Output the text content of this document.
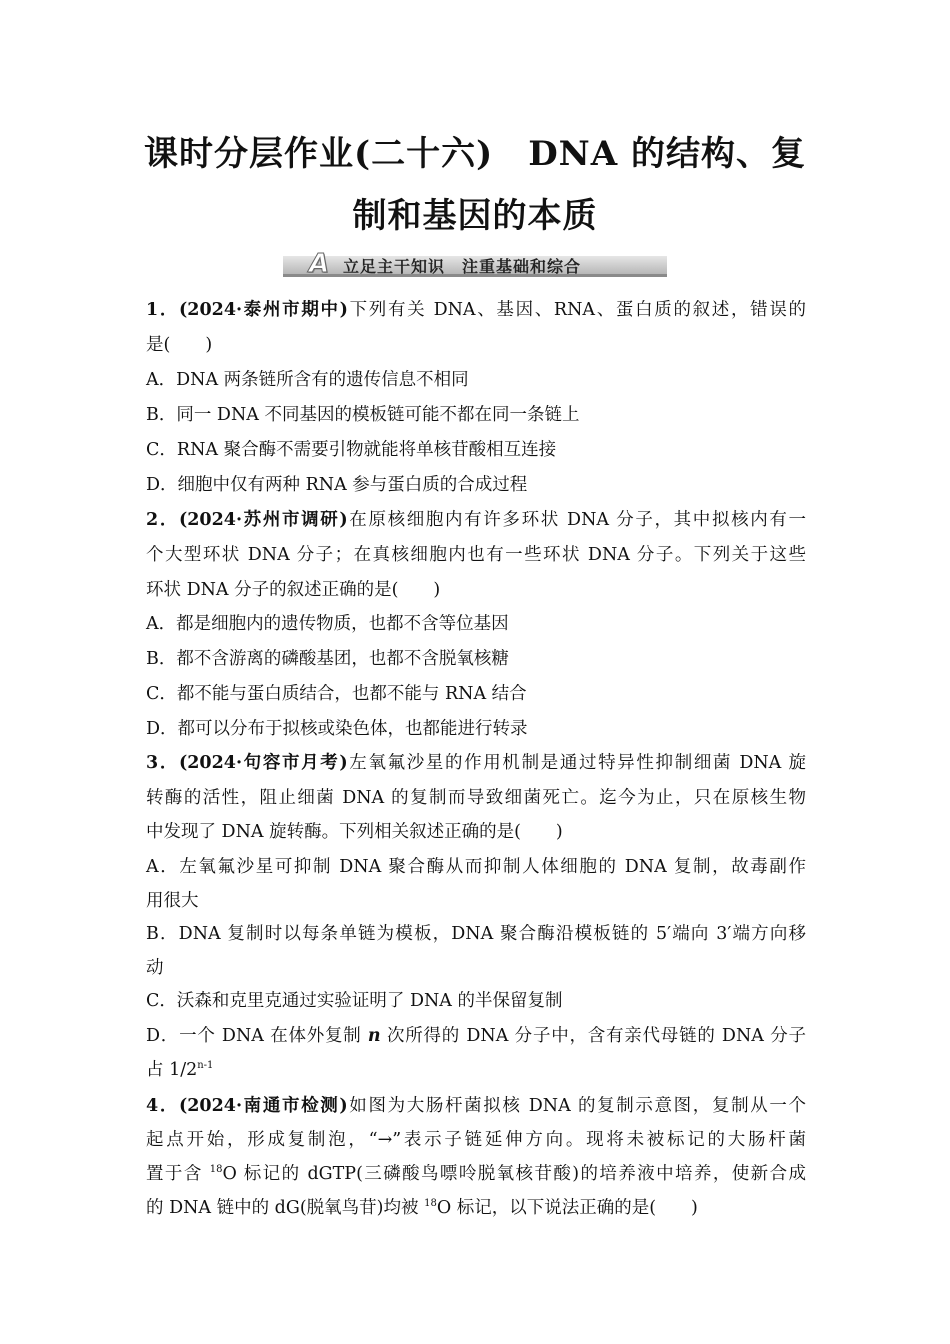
课时分层作业(二十六)　DNA 的结构、复
制和基因的本质
A 立足主干知识　注重基础和综合
1．(2024·泰州市期中)下列有关 DNA、基因、RNA、蛋白质的叙述，错误的
是(　　)
A．DNA 两条链所含有的遗传信息不相同
B．同一 DNA 不同基因的模板链可能不都在同一条链上
C．RNA 聚合酶不需要引物就能将单核苷酸相互连接
D．细胞中仅有两种 RNA 参与蛋白质的合成过程
2．(2024·苏州市调研)在原核细胞内有许多环状 DNA 分子，其中拟核内有一
个大型环状 DNA 分子；在真核细胞内也有一些环状 DNA 分子。下列关于这些
环状 DNA 分子的叙述正确的是(　　)
A．都是细胞内的遗传物质，也都不含等位基因
B．都不含游离的磷酸基团，也都不含脱氧核糖
C．都不能与蛋白质结合，也都不能与 RNA 结合
D．都可以分布于拟核或染色体，也都能进行转录
3．(2024·句容市月考)左氧氟沙星的作用机制是通过特异性抑制细菌 DNA 旋
转酶的活性，阻止细菌 DNA 的复制而导致细菌死亡。迄今为止，只在原核生物
中发现了 DNA 旋转酶。下列相关叙述正确的是(　　)
A．左氧氟沙星可抑制 DNA 聚合酶从而抑制人体细胞的 DNA 复制，故毒副作
用很大
B．DNA 复制时以每条单链为模板，DNA 聚合酶沿模板链的 5′端向 3′端方向移
动
C．沃森和克里克通过实验证明了 DNA 的半保留复制
D．一个 DNA 在体外复制 n 次所得的 DNA 分子中，含有亲代母链的 DNA 分子
占 1/2$^{n-1}$
4．(2024·南通市检测)如图为大肠杆菌拟核 DNA 的复制示意图，复制从一个
起点开始，形成复制泡，“→”表示子链延伸方向。现将未被标记的大肠杆菌
置于含 $^{18}$O 标记的 dGTP(三磷酸鸟嘌呤脱氧核苷酸)的培养液中培养，使新合成
的 DNA 链中的 dG(脱氧鸟苷)均被 $^{18}$O 标记，以下说法正确的是(　　)
